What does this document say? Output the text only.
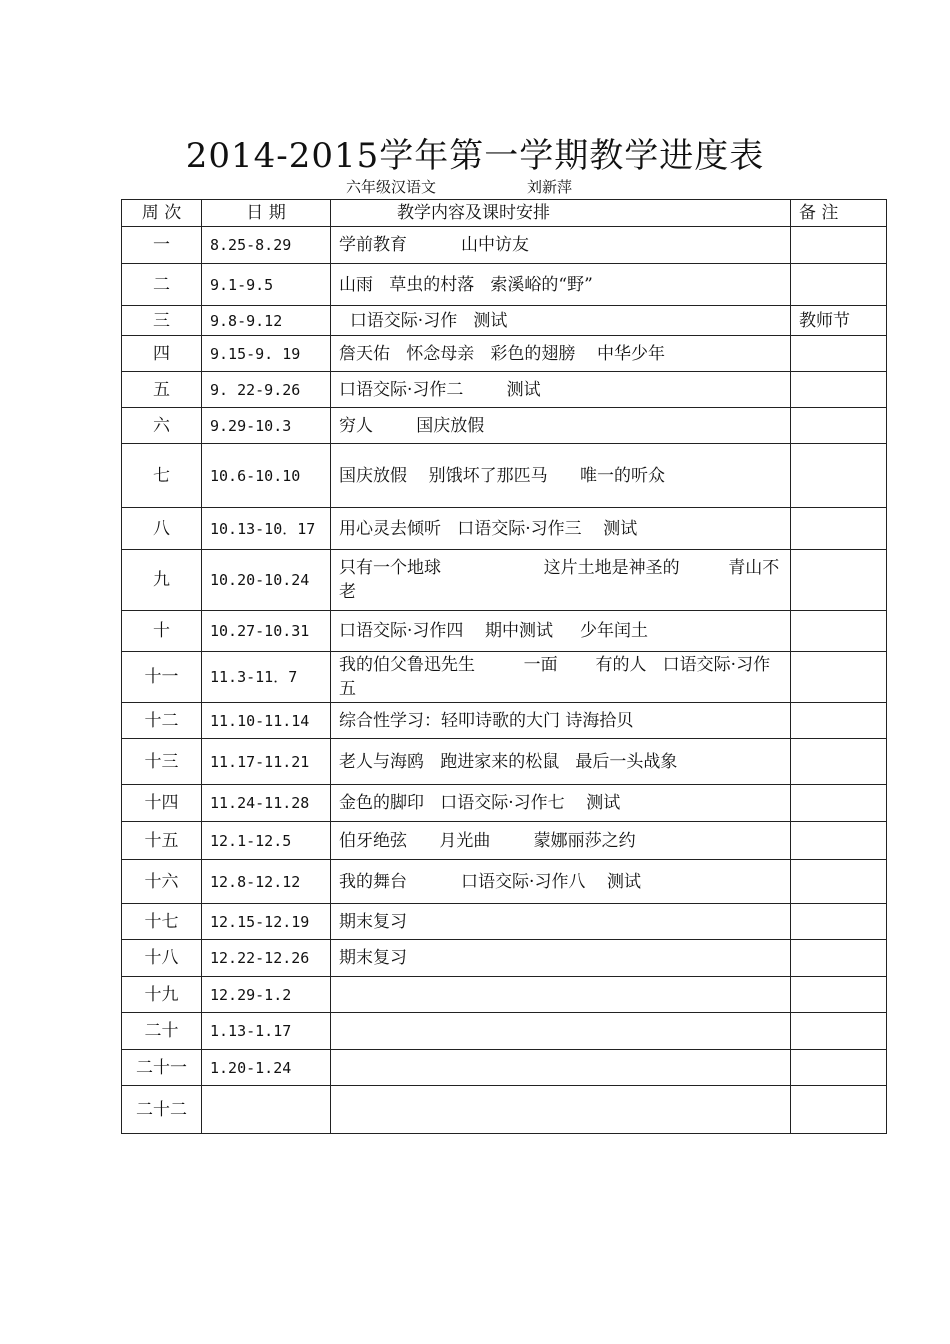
2014-2015学年第一学期教学进度表
六年级汉语文	刘新萍
周 次	日 期	教学内容及课时安排	备 注
一	8.25-8.29	学前教育          山中访友	
二	9.1-9.5	山雨   草虫的村落   索溪峪的“野”	
三	9.8-9.12	口语交际·习作   测试	教师节
四	9.15-9. 19	詹天佑   怀念母亲   彩色的翅膀    中华少年	
五	9. 22-9.26	口语交际·习作二        测试	
六	9.29-10.3	穷人        国庆放假	
七	10.6-10.10	国庆放假    别饿坏了那匹马      唯一的听众	
八	10.13-10．17	用心灵去倾听   口语交际·习作三    测试	
九	10.20-10.24	只有一个地球                   这片土地是神圣的         青山不老	
十	10.27-10.31	口语交际·习作四    期中测试     少年闰土	
十一	11.3-11．7	我的伯父鲁迅先生         一面       有的人   口语交际·习作五	
十二	11.10-11.14	综合性学习：轻叩诗歌的大门 诗海拾贝	
十三	11.17-11.21	老人与海鸥   跑进家来的松鼠   最后一头战象	
十四	11.24-11.28	金色的脚印   口语交际·习作七    测试	
十五	12.1-12.5	伯牙绝弦      月光曲        蒙娜丽莎之约	
十六	12.8-12.12	我的舞台          口语交际·习作八    测试	
十七	12.15-12.19	期末复习	
十八	12.22-12.26	期末复习	
十九	12.29-1.2		
二十	1.13-1.17		
二十一	1.20-1.24		
二十二			
